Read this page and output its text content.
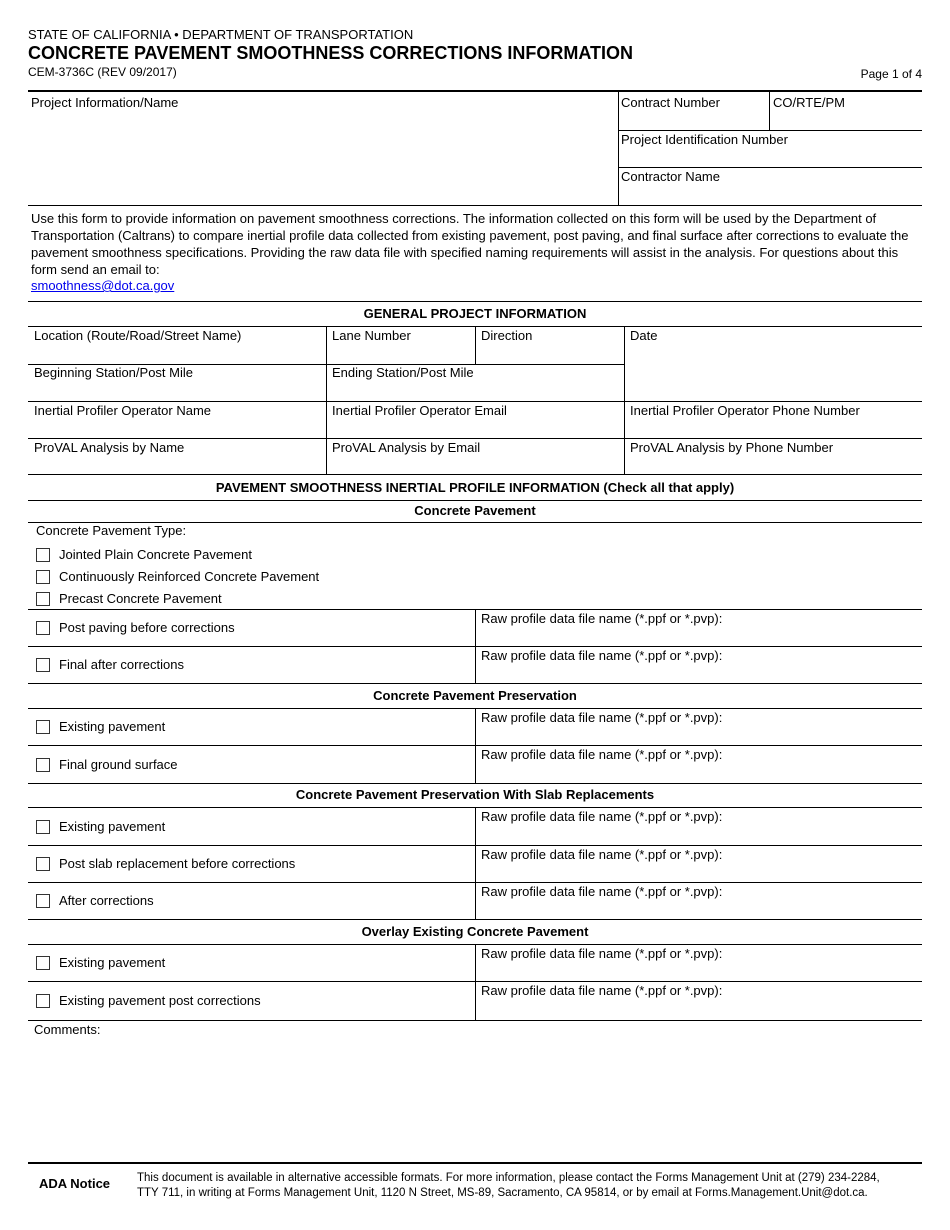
STATE OF CALIFORNIA • DEPARTMENT OF TRANSPORTATION
CONCRETE PAVEMENT SMOOTHNESS CORRECTIONS INFORMATION
CEM-3736C (REV 09/2017)	Page 1 of 4
Project Information/Name	Contract Number	CO/RTE/PM
Project Identification Number
Contractor Name
Use this form to provide information on pavement smoothness corrections. The information collected on this form will be used by the Department of Transportation (Caltrans) to compare inertial profile data collected from existing pavement, post paving, and final surface after corrections to evaluate the pavement smoothness specifications. Providing the raw data file with specified naming requirements will assist in the analysis. For questions about this form send an email to:
smoothness@dot.ca.gov
GENERAL PROJECT INFORMATION
Location (Route/Road/Street Name)	Lane Number	Direction	Date
Beginning Station/Post Mile	Ending Station/Post Mile
Inertial Profiler Operator Name	Inertial Profiler Operator Email	Inertial Profiler Operator Phone Number
ProVAL Analysis by Name	ProVAL Analysis by Email	ProVAL Analysis by Phone Number
PAVEMENT SMOOTHNESS INERTIAL PROFILE INFORMATION (Check all that apply)
Concrete Pavement
Concrete Pavement Type:
Jointed Plain Concrete Pavement
Continuously Reinforced Concrete Pavement
Precast Concrete Pavement
Post paving before corrections
Raw profile data file name (*.ppf or *.pvp):
Final after corrections
Raw profile data file name (*.ppf or *.pvp):
Concrete Pavement Preservation
Existing pavement
Raw profile data file name (*.ppf or *.pvp):
Final ground surface
Raw profile data file name (*.ppf or *.pvp):
Concrete Pavement Preservation With Slab Replacements
Existing pavement
Raw profile data file name (*.ppf or *.pvp):
Post slab replacement before corrections
Raw profile data file name (*.ppf or *.pvp):
After corrections
Raw profile data file name (*.ppf or *.pvp):
Overlay Existing Concrete Pavement
Existing pavement
Raw profile data file name (*.ppf or *.pvp):
Existing pavement post corrections
Raw profile data file name (*.ppf or *.pvp):
Comments:
ADA Notice This document is available in alternative accessible formats. For more information, please contact the Forms Management Unit at (279) 234-2284,
TTY 711, in writing at Forms Management Unit, 1120 N Street, MS-89, Sacramento, CA 95814, or by email at Forms.Management.Unit@dot.ca.
